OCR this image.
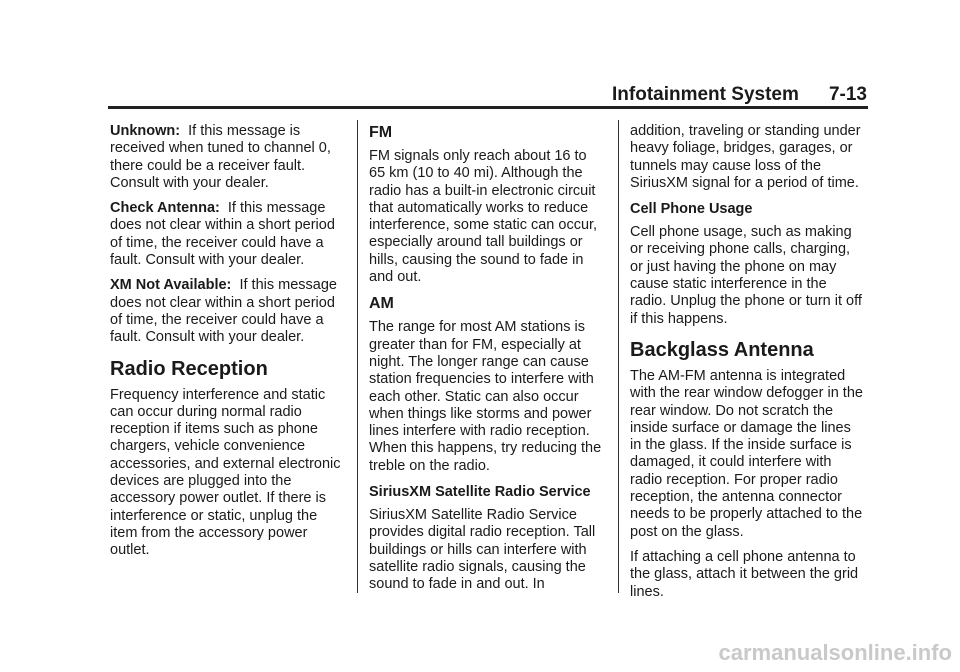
Infotainment System 7-13

Unknown: If this message is received when tuned to channel 0, there could be a receiver fault. Consult with your dealer.

Check Antenna: If this message does not clear within a short period of time, the receiver could have a fault. Consult with your dealer.

XM Not Available: If this message does not clear within a short period of time, the receiver could have a fault. Consult with your dealer.

Radio Reception

Frequency interference and static can occur during normal radio reception if items such as phone chargers, vehicle convenience accessories, and external electronic devices are plugged into the accessory power outlet. If there is interference or static, unplug the item from the accessory power outlet.

FM

FM signals only reach about 16 to 65 km (10 to 40 mi). Although the radio has a built-in electronic circuit that automatically works to reduce interference, some static can occur, especially around tall buildings or hills, causing the sound to fade in and out.

AM

The range for most AM stations is greater than for FM, especially at night. The longer range can cause station frequencies to interfere with each other. Static can also occur when things like storms and power lines interfere with radio reception. When this happens, try reducing the treble on the radio.

SiriusXM Satellite Radio Service

SiriusXM Satellite Radio Service provides digital radio reception. Tall buildings or hills can interfere with satellite radio signals, causing the sound to fade in and out. In

addition, traveling or standing under heavy foliage, bridges, garages, or tunnels may cause loss of the SiriusXM signal for a period of time.

Cell Phone Usage

Cell phone usage, such as making or receiving phone calls, charging, or just having the phone on may cause static interference in the radio. Unplug the phone or turn it off if this happens.

Backglass Antenna

The AM-FM antenna is integrated with the rear window defogger in the rear window. Do not scratch the inside surface or damage the lines in the glass. If the inside surface is damaged, it could interfere with radio reception. For proper radio reception, the antenna connector needs to be properly attached to the post on the glass.

If attaching a cell phone antenna to the glass, attach it between the grid lines.

carmanualsonline.info
